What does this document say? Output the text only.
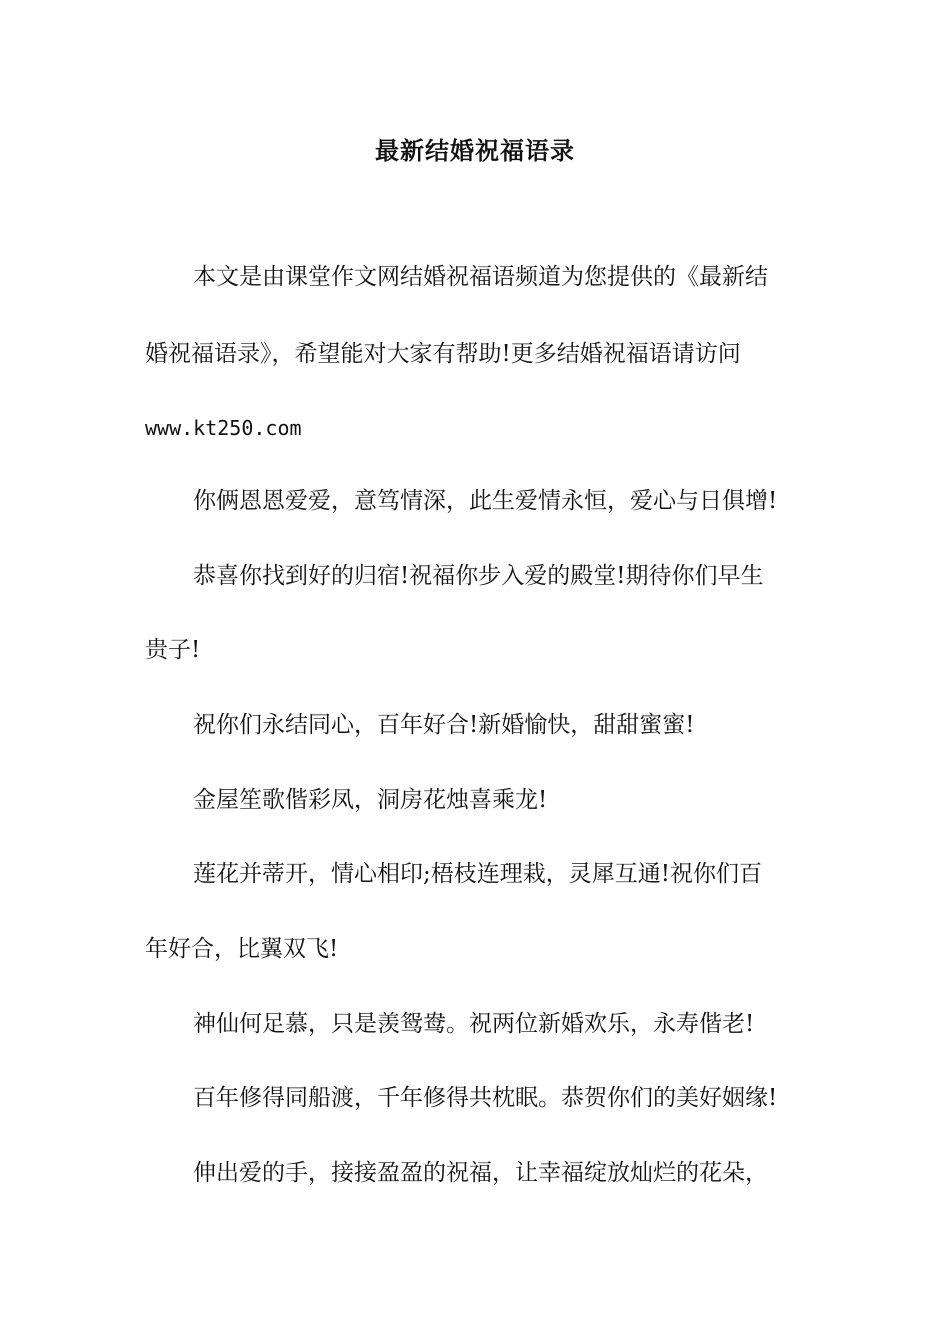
最新结婚祝福语录
本文是由课堂作文网结婚祝福语频道为您提供的《最新结
婚祝福语录》，希望能对大家有帮助!更多结婚祝福语请访问
www.kt250.com
你俩恩恩爱爱，意笃情深，此生爱情永恒，爱心与日俱增!
恭喜你找到好的归宿!祝福你步入爱的殿堂!期待你们早生
贵子!
祝你们永结同心，百年好合!新婚愉快，甜甜蜜蜜!
金屋笙歌偕彩凤，洞房花烛喜乘龙!
莲花并蒂开，情心相印;梧枝连理栽，灵犀互通!祝你们百
年好合，比翼双飞!
神仙何足慕，只是羡鸳鸯。祝两位新婚欢乐，永寿偕老!
百年修得同船渡，千年修得共枕眠。恭贺你们的美好姻缘!
伸出爱的手，接接盈盈的祝福，让幸福绽放灿烂的花朵，
